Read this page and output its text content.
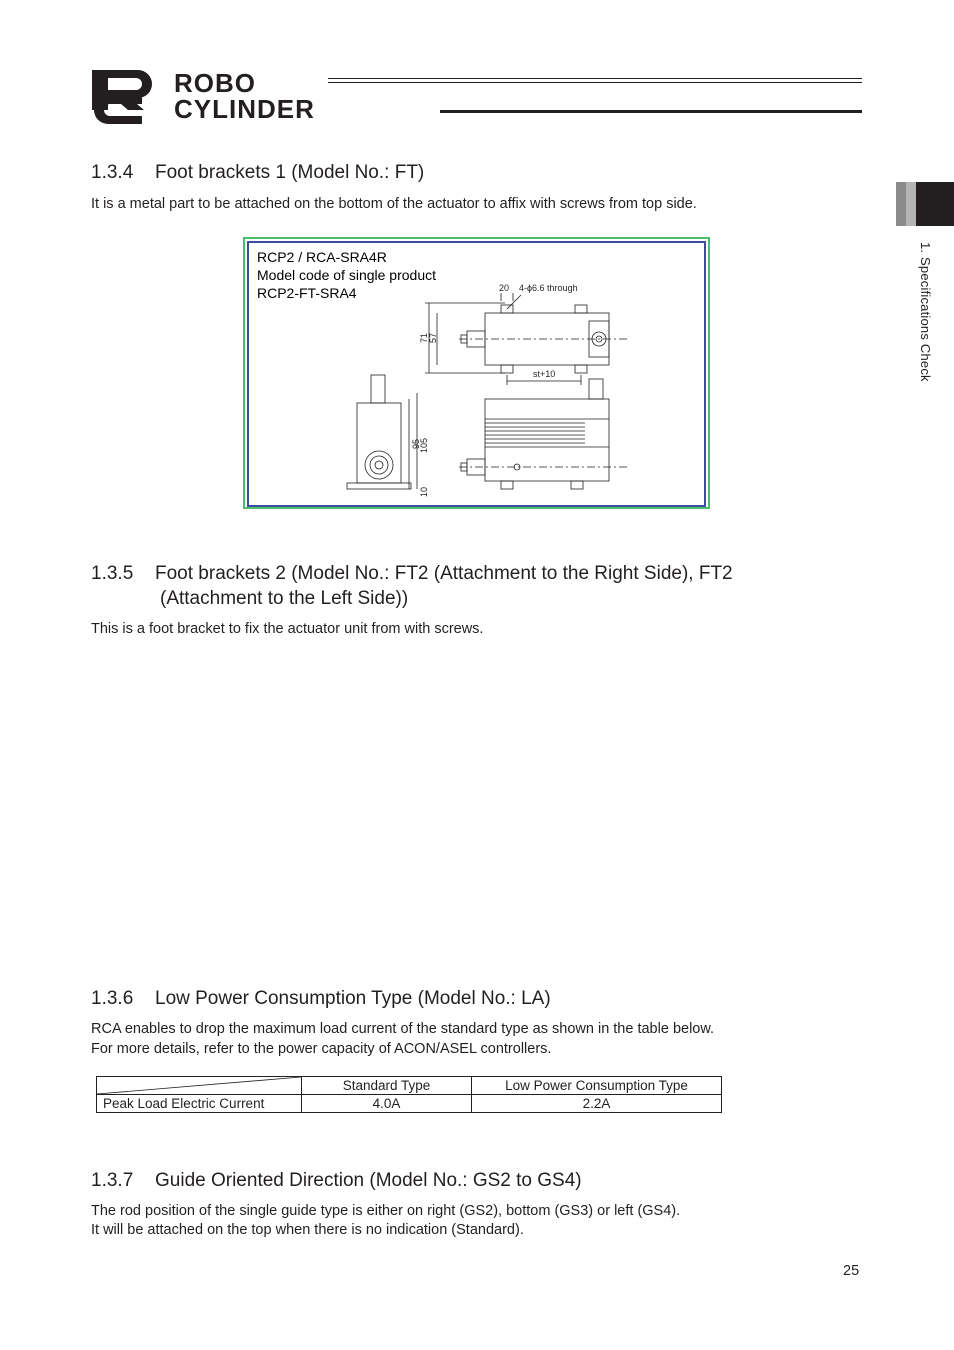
ROBO
CYLINDER
1. Specifications Check
1.3.4 Foot brackets 1 (Model No.: FT)

It is a metal part to be attached on the bottom of the actuator to affix with screws from top side.

RCP2 / RCA-SRA4R
Model code of single product
RCP2-FT-SRA4	20 4-ϕ6.6 through
71 57
st+10
95
105
10
1.3.5 Foot brackets 2 (Model No.: FT2 (Attachment to the Right Side), FT2
(Attachment to the Left Side))

This is a foot bracket to fix the actuator unit from with screws.

1.3.6 Low Power Consumption Type (Model No.: LA)

RCA enables to drop the maximum load current of the standard type as shown in the table below.

For more details, refer to the power capacity of ACON/ASEL controllers.

	Standard Type	Low Power Consumption Type
Peak Load Electric Current	4.0A	2.2A
1.3.7 Guide Oriented Direction (Model No.: GS2 to GS4)

The rod position of the single guide type is either on right (GS2), bottom (GS3) or left (GS4).

It will be attached on the top when there is no indication (Standard).

25
